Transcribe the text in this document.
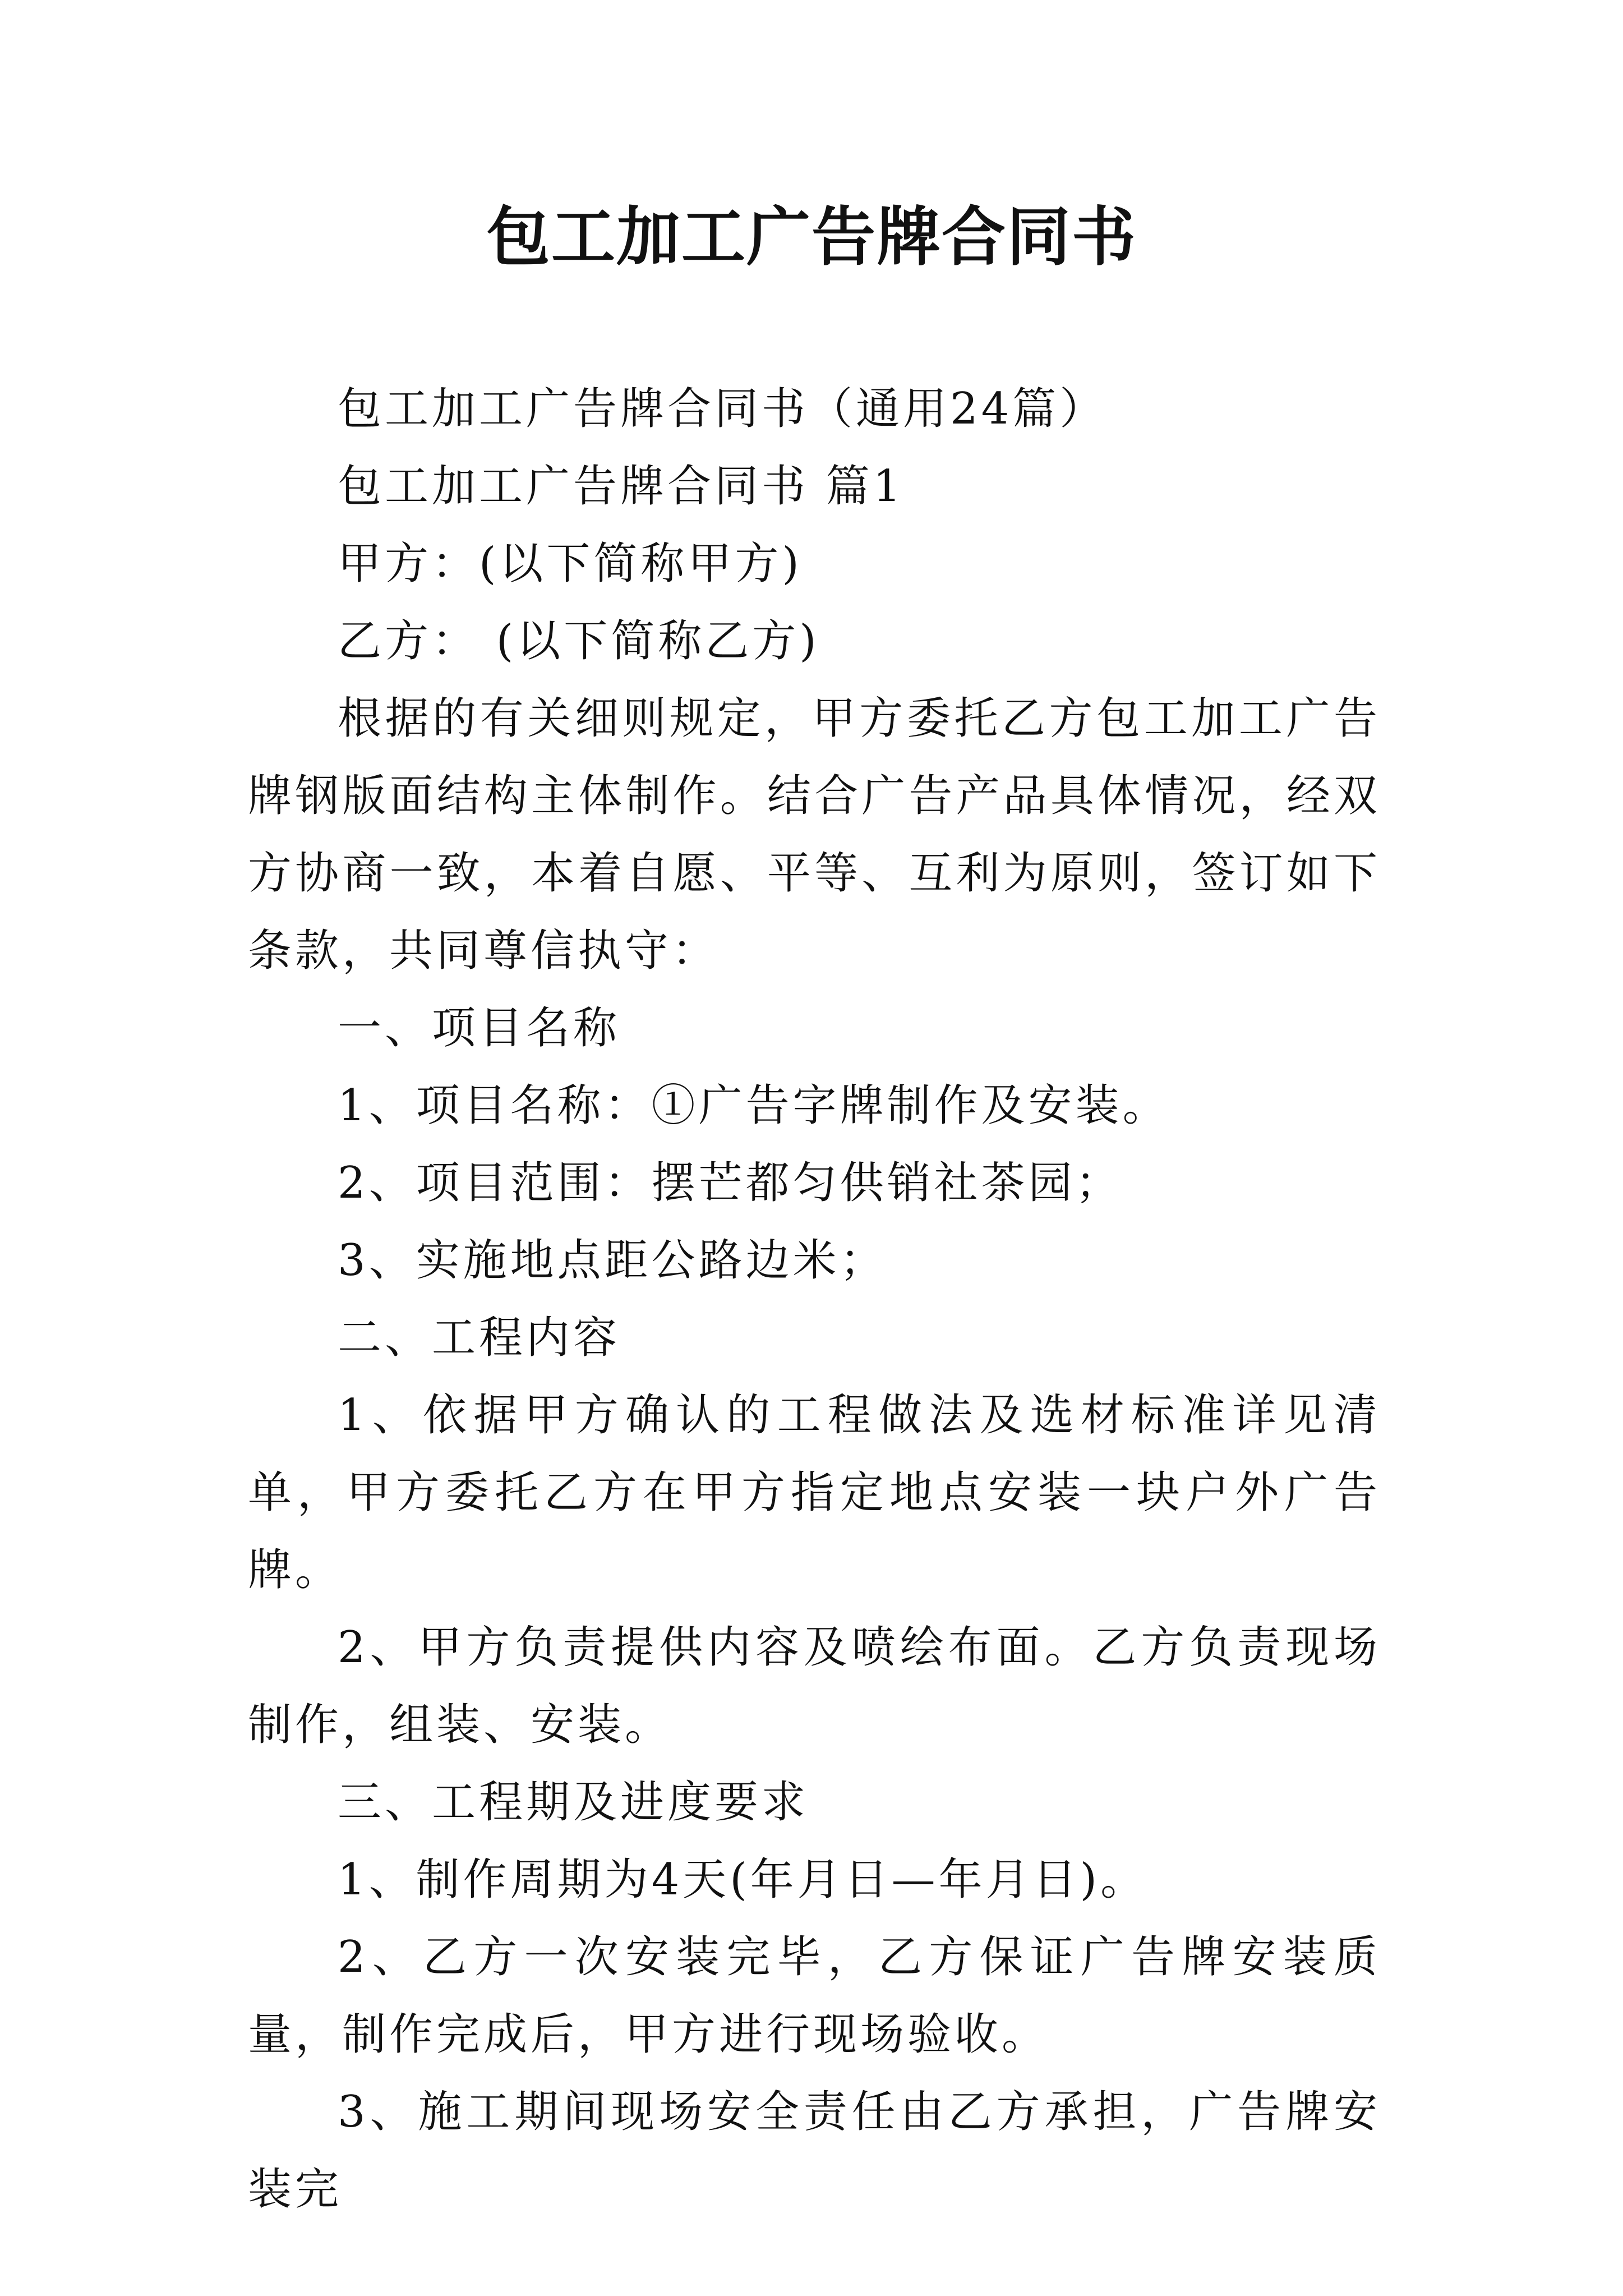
包工加工广告牌合同书

包工加工广告牌合同书（通用24篇）

包工加工广告牌合同书 篇1

甲方：(以下简称甲方)

乙方： (以下简称乙方)

根据的有关细则规定，甲方委托乙方包工加工广告牌钢版面结构主体制作。结合广告产品具体情况，经双方协商一致，本着自愿、平等、互利为原则，签订如下条款，共同尊信执守：

一、项目名称

1、项目名称：①广告字牌制作及安装。

2、项目范围：摆芒都匀供销社茶园；

3、实施地点距公路边米；

二、工程内容

1、依据甲方确认的工程做法及选材标准详见清单，甲方委托乙方在甲方指定地点安装一块户外广告牌。

2、甲方负责提供内容及喷绘布面。乙方负责现场制作，组装、安装。

三、工程期及进度要求

1、制作周期为4天(年月日—年月日)。

2、乙方一次安装完毕，乙方保证广告牌安装质量，制作完成后，甲方进行现场验收。

3、施工期间现场安全责任由乙方承担，广告牌安装完
